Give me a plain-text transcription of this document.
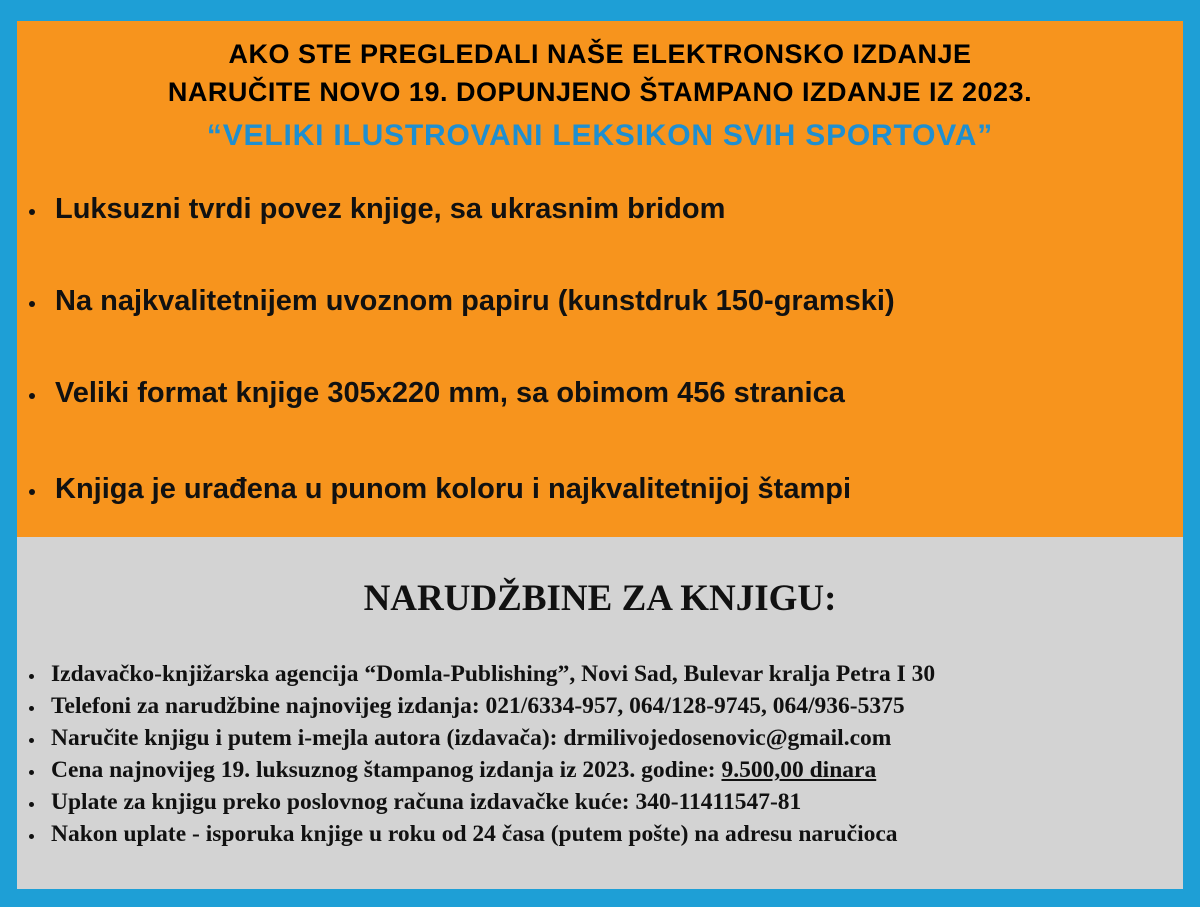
AKO STE PREGLEDALI NAŠE ELEKTRONSKO IZDANJE
NARUČITE NOVO 19. DOPUNJENO ŠTAMPANO IZDANJE IZ 2023.
“VELIKI ILUSTROVANI LEKSIKON SVIH SPORTOVA”
Luksuzni tvrdi povez knjige, sa ukrasnim bridom
Na najkvalitetnijem uvoznom papiru (kunstdruk 150-gramski)
Veliki format knjige 305x220 mm, sa obimom 456 stranica
Knjiga je urađena u punom koloru i najkvalitetnijoj štampi
NARUDŽBINE ZA KNJIGU:
Izdavačko-knjižarska agencija “Domla-Publishing”, Novi Sad, Bulevar kralja Petra I 30
Telefoni za narudžbine najnovijeg izdanja: 021/6334-957, 064/128-9745, 064/936-5375
Naručite knjigu i putem i-mejla autora (izdavača): drmilivojedosenovic@gmail.com
Cena najnovijeg 19. luksuznog štampanog izdanja iz 2023. godine: 9.500,00 dinara
Uplate za knjigu preko poslovnog računa izdavačke kuće: 340-11411547-81
Nakon uplate - isporuka knjige u roku od 24 časa (putem pošte) na adresu naručioca
